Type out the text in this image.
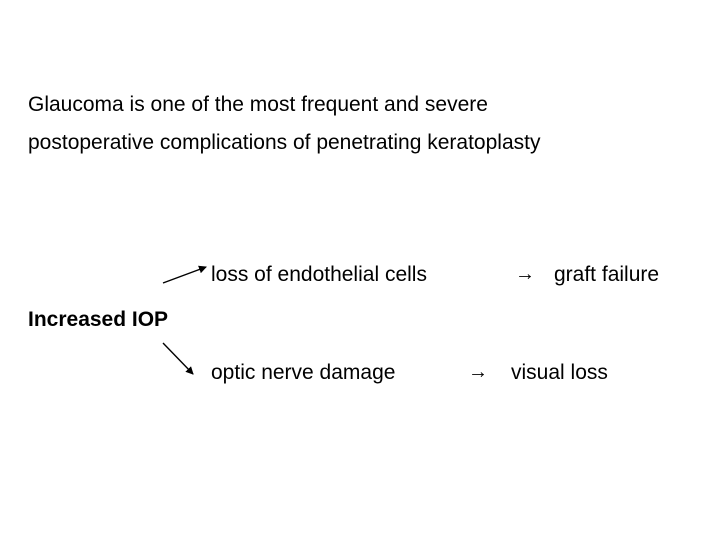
Glaucoma is one of the most frequent and severe
postoperative complications of penetrating keratoplasty
Increased IOP
loss of endothelial cells	→ graft failure
optic nerve damage	→ visual loss
